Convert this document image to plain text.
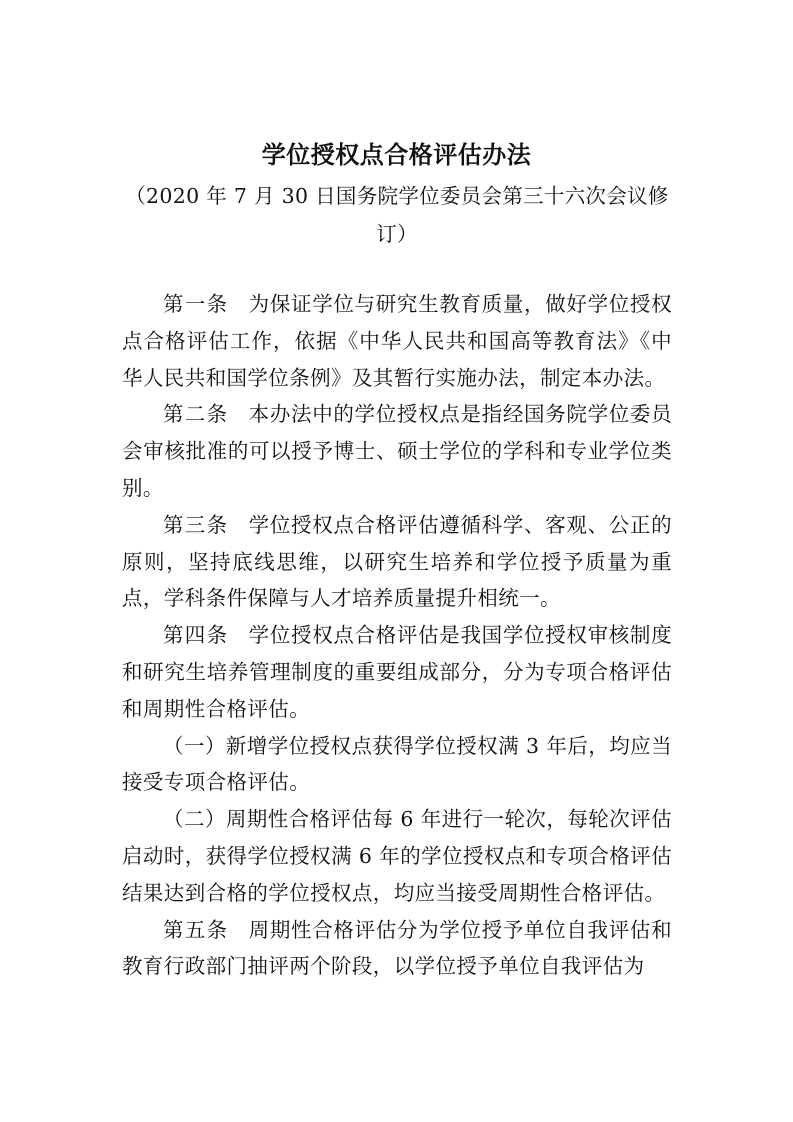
学位授权点合格评估办法
（2020 年 7 月 30 日国务院学位委员会第三十六次会议修订）

第一条 为保证学位与研究生教育质量，做好学位授权点合格评估工作，依据《中华人民共和国高等教育法》《中华人民共和国学位条例》及其暂行实施办法，制定本办法。

第二条 本办法中的学位授权点是指经国务院学位委员会审核批准的可以授予博士、硕士学位的学科和专业学位类别。

第三条 学位授权点合格评估遵循科学、客观、公正的原则，坚持底线思维，以研究生培养和学位授予质量为重点，学科条件保障与人才培养质量提升相统一。

第四条 学位授权点合格评估是我国学位授权审核制度和研究生培养管理制度的重要组成部分，分为专项合格评估和周期性合格评估。

（一）新增学位授权点获得学位授权满 3 年后，均应当接受专项合格评估。

（二）周期性合格评估每 6 年进行一轮次，每轮次评估启动时，获得学位授权满 6 年的学位授权点和专项合格评估结果达到合格的学位授权点，均应当接受周期性合格评估。

第五条 周期性合格评估分为学位授予单位自我评估和教育行政部门抽评两个阶段，以学位授予单位自我评估为
